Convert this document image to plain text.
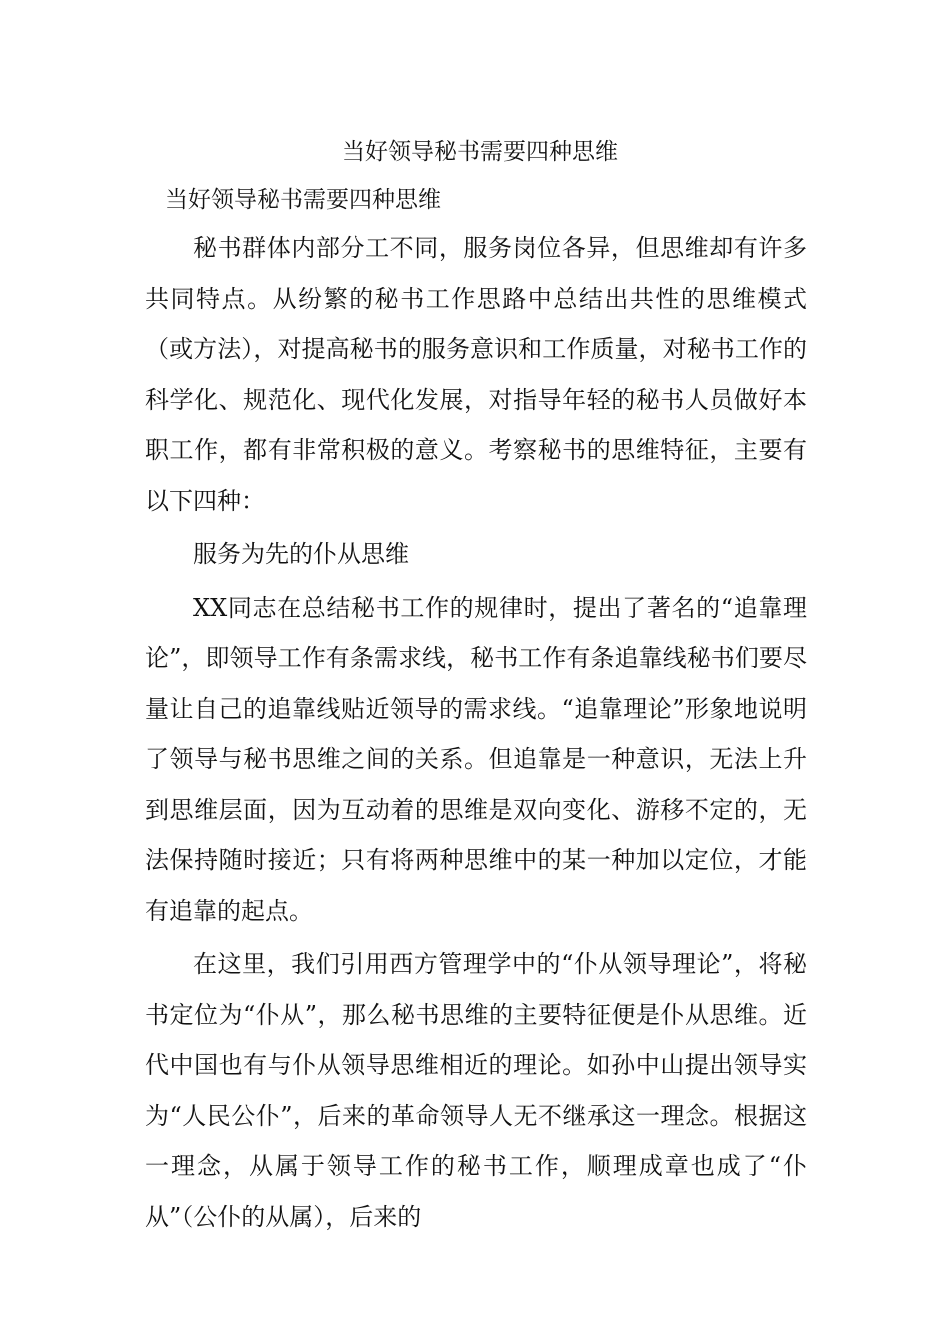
当好领导秘书需要四种思维

当好领导秘书需要四种思维

秘书群体内部分工不同，服务岗位各异，但思维却有许多共同特点。从纷繁的秘书工作思路中总结出共性的思维模式（或方法），对提高秘书的服务意识和工作质量，对秘书工作的科学化、规范化、现代化发展，对指导年轻的秘书人员做好本职工作，都有非常积极的意义。考察秘书的思维特征，主要有以下四种：

服务为先的仆从思维

XX同志在总结秘书工作的规律时，提出了著名的“追靠理论”，即领导工作有条需求线，秘书工作有条追靠线秘书们要尽量让自己的追靠线贴近领导的需求线。“追靠理论”形象地说明了领导与秘书思维之间的关系。但追靠是一种意识，无法上升到思维层面，因为互动着的思维是双向变化、游移不定的，无法保持随时接近；只有将两种思维中的某一种加以定位，才能有追靠的起点。

在这里，我们引用西方管理学中的“仆从领导理论”，将秘书定位为“仆从”，那么秘书思维的主要特征便是仆从思维。近代中国也有与仆从领导思维相近的理论。如孙中山提出领导实为“人民公仆”，后来的革命领导人无不继承这一理念。根据这一理念，从属于领导工作的秘书工作，顺理成章也成了“仆从”（公仆的从属），后来的
